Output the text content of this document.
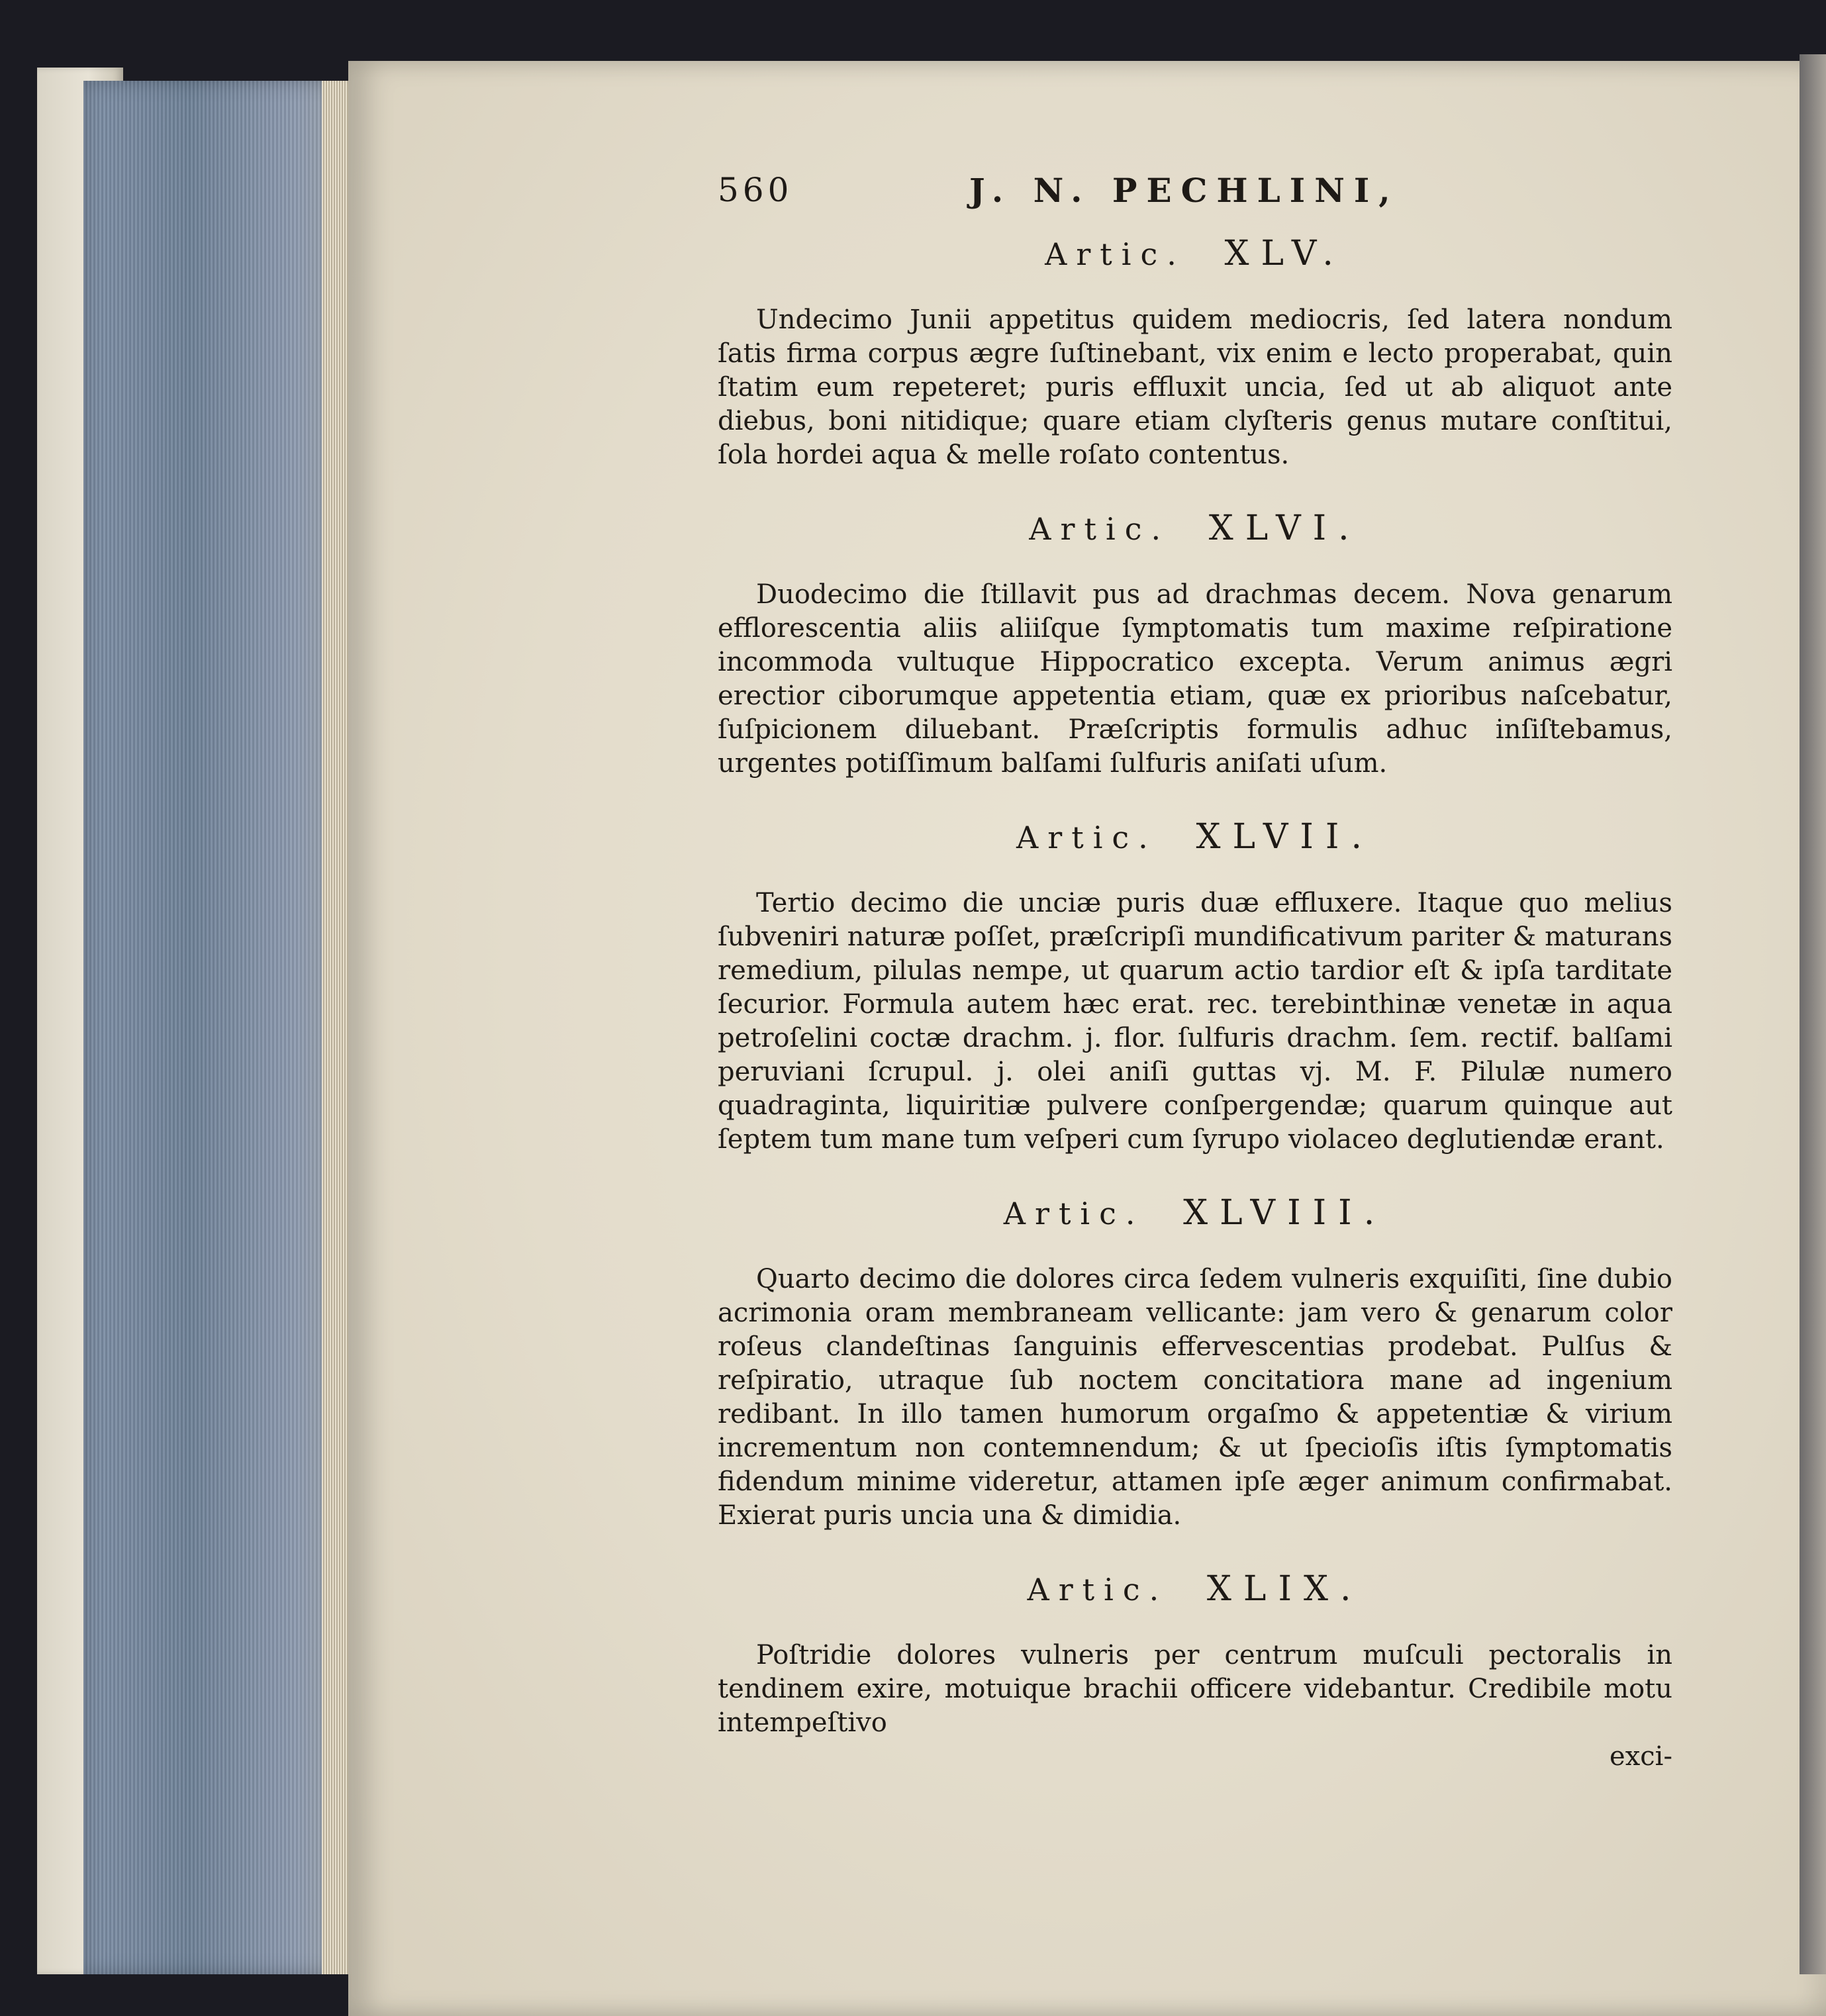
560	J. N. PECHLINI,
Artic. XLV.

Undecimo Junii appetitus quidem mediocris, ſed latera nondum ſatis firma corpus ægre ſuſtinebant, vix enim e lecto properabat, quin ſtatim eum repeteret; puris effluxit uncia, ſed ut ab aliquot ante diebus, boni nitidique; quare etiam clyſteris genus mutare conſtitui, ſola hordei aqua & melle roſato contentus.

Artic. XLVI.

Duodecimo die ſtillavit pus ad drachmas decem. Nova genarum efflorescentia aliis aliiſque ſymptomatis tum maxime reſpiratione incommoda vultuque Hippocratico excepta. Verum animus ægri erectior ciborumque appetentia etiam, quæ ex prioribus naſcebatur, ſuſpicionem diluebant. Præſcriptis formulis adhuc inſiſtebamus, urgentes potiſſimum balſami ſulfuris aniſati uſum.

Artic. XLVII.

Tertio decimo die unciæ puris duæ effluxere. Itaque quo melius ſubveniri naturæ poſſet, præſcripſi mundificativum pariter & maturans remedium, pilulas nempe, ut quarum actio tardior eſt & ipſa tarditate ſecurior. Formula autem hæc erat. rec. terebinthinæ venetæ in aqua petroſelini coctæ drachm. j. flor. ſulfuris drachm. ſem. rectif. balſami peruviani ſcrupul. j. olei aniſi guttas vj. M. F. Pilulæ numero quadraginta, liquiritiæ pulvere conſpergendæ; quarum quinque aut ſeptem tum mane tum veſperi cum ſyrupo violaceo deglutiendæ erant.

Artic. XLVIII.

Quarto decimo die dolores circa ſedem vulneris exquiſiti, ſine dubio acrimonia oram membraneam vellicante: jam vero & genarum color roſeus clandeſtinas ſanguinis effervescentias prodebat. Pulſus & reſpiratio, utraque ſub noctem concitatiora mane ad ingenium redibant. In illo tamen humorum orgaſmo & appetentiæ & virium incrementum non contemnendum; & ut ſpecioſis iſtis ſymptomatis fidendum minime videretur, attamen ipſe æger animum confirmabat. Exierat puris uncia una & dimidia.

Artic. XLIX.

Poſtridie dolores vulneris per centrum muſculi pectoralis in tendinem exire, motuique brachii officere videbantur. Credibile motu intempeſtivo

exci-
